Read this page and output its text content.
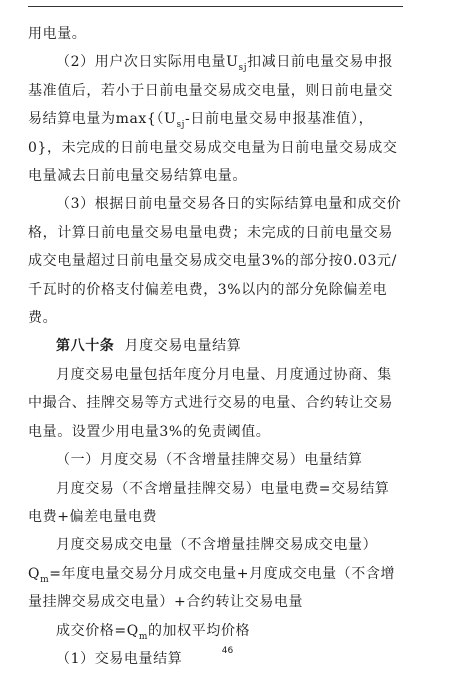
用电量。

（2）用户次日实际用电量$U_{sj}$扣减日前电量交易申报基准值后，若小于日前电量交易成交电量，则日前电量交易结算电量为$\max\{(U_{sj}-$日前电量交易申报基准值），0}，未完成的日前电量交易成交电量为日前电量交易成交电量减去日前电量交易结算电量。

（3）根据日前电量交易各日的实际结算电量和成交价格，计算日前电量交易电量电费；未完成的日前电量交易成交电量超过日前电量交易成交电量3%的部分按0.03元/千瓦时的价格支付偏差电费，3%以内的部分免除偏差电费。

第八十条 月度交易电量结算

月度交易电量包括年度分月电量、月度通过协商、集中撮合、挂牌交易等方式进行交易的电量、合约转让交易电量。设置少用电量3%的免责阈值。

（一）月度交易（不含增量挂牌交易）电量结算

月度交易（不含增量挂牌交易）电量电费=交易结算电费+偏差电量电费

月度交易成交电量（不含增量挂牌交易成交电量）$Q_m=$年度电量交易分月成交电量+月度成交电量（不含增量挂牌交易成交电量）+合约转让交易电量

成交价格$=Q_m$的加权平均价格

（1）交易电量结算	46
